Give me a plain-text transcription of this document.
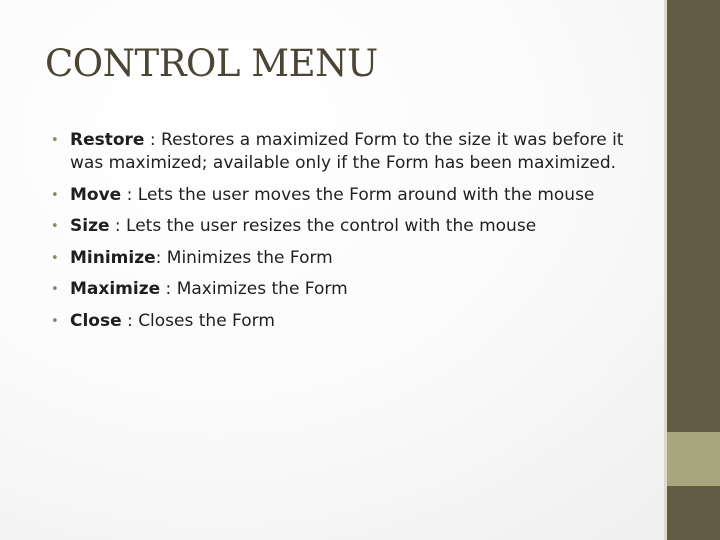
CONTROL MENU
• Restore : Restores a maximized Form to the size it was before it was maximized; available only if the Form has been maximized.
• Move : Lets the user moves the Form around with the mouse
• Size : Lets the user resizes the control with the mouse
• Minimize: Minimizes the Form
• Maximize : Maximizes the Form
• Close : Closes the Form
